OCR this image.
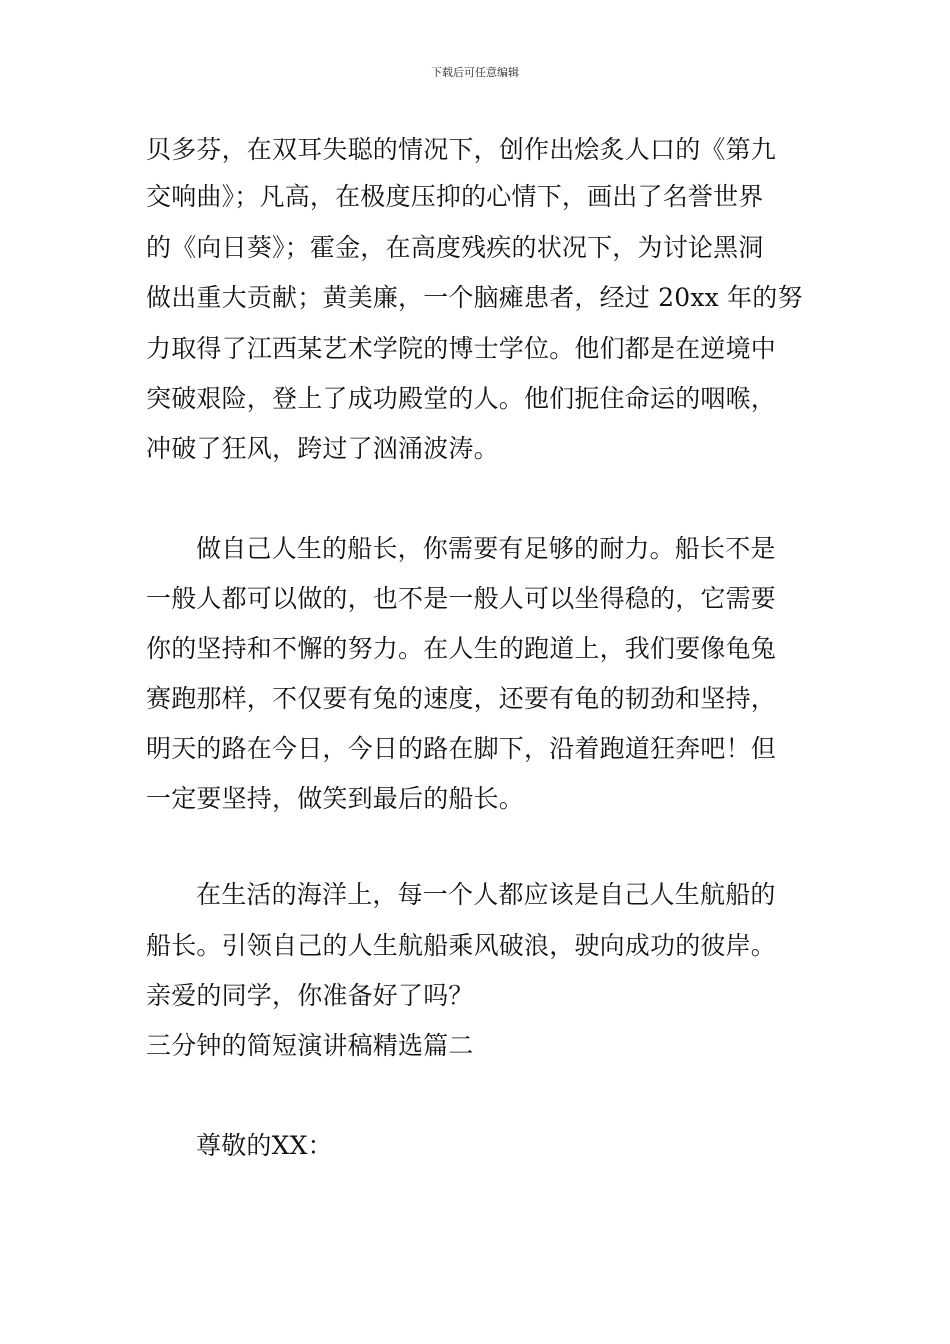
下载后可任意编辑
贝多芬，在双耳失聪的情况下，创作出烩炙人口的《第九
交响曲》；凡高，在极度压抑的心情下，画出了名誉世界
的《向日葵》；霍金，在高度残疾的状况下，为讨论黑洞
做出重大贡献；黄美廉，一个脑瘫患者，经过 20xx 年的努
力取得了江西某艺术学院的博士学位。他们都是在逆境中
突破艰险，登上了成功殿堂的人。他们扼住命运的咽喉，
冲破了狂风，跨过了汹涌波涛。
做自己人生的船长，你需要有足够的耐力。船长不是
一般人都可以做的，也不是一般人可以坐得稳的，它需要
你的坚持和不懈的努力。在人生的跑道上，我们要像龟兔
赛跑那样，不仅要有兔的速度，还要有龟的韧劲和坚持，
明天的路在今日，今日的路在脚下，沿着跑道狂奔吧！但
一定要坚持，做笑到最后的船长。
在生活的海洋上，每一个人都应该是自己人生航船的
船长。引领自己的人生航船乘风破浪，驶向成功的彼岸。
亲爱的同学，你准备好了吗？
三分钟的简短演讲稿精选篇二
尊敬的XX：
